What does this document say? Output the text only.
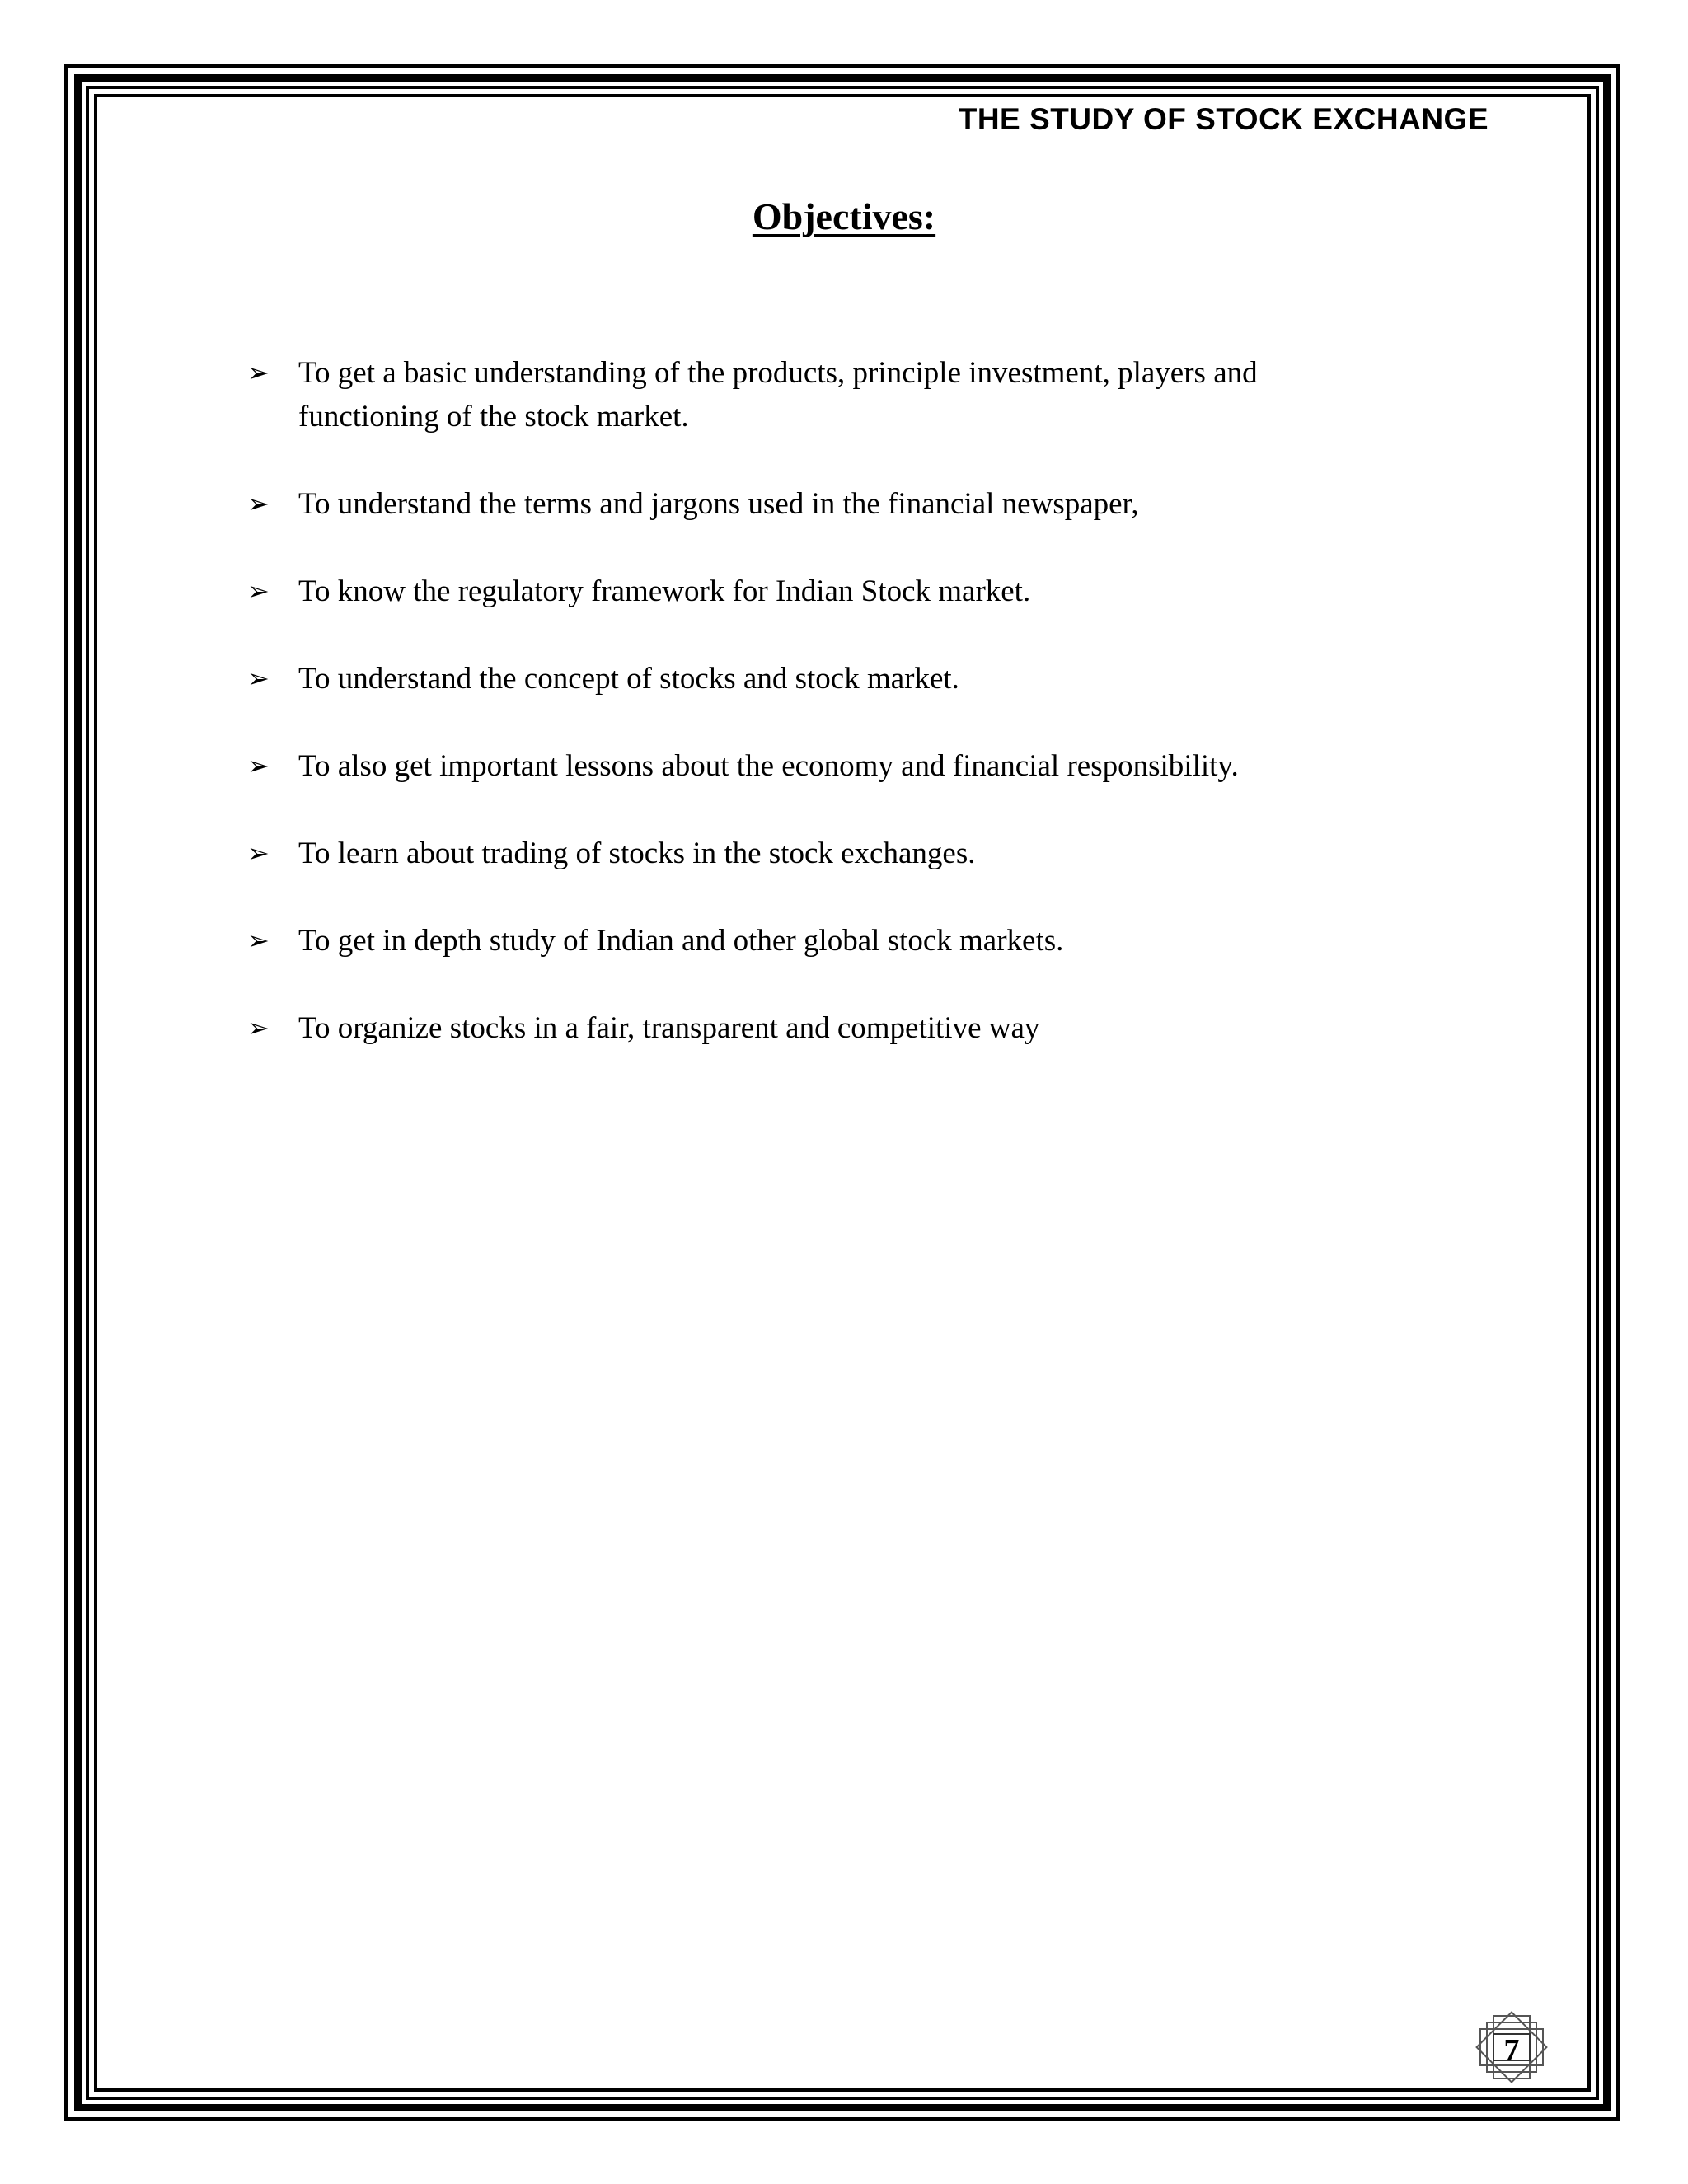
THE STUDY OF STOCK EXCHANGE
Objectives:
➢ To get a basic understanding of the products, principle investment, players and functioning of the stock market.
➢ To understand the terms and jargons used in the financial newspaper,
➢ To know the regulatory framework for Indian Stock market.
➢ To understand the concept of stocks and stock market.
➢ To also get important lessons about the economy and financial responsibility.
➢ To learn about trading of stocks in the stock exchanges.
➢ To get in depth study of Indian and other global stock markets.
➢ To organize stocks in a fair, transparent and competitive way
7
